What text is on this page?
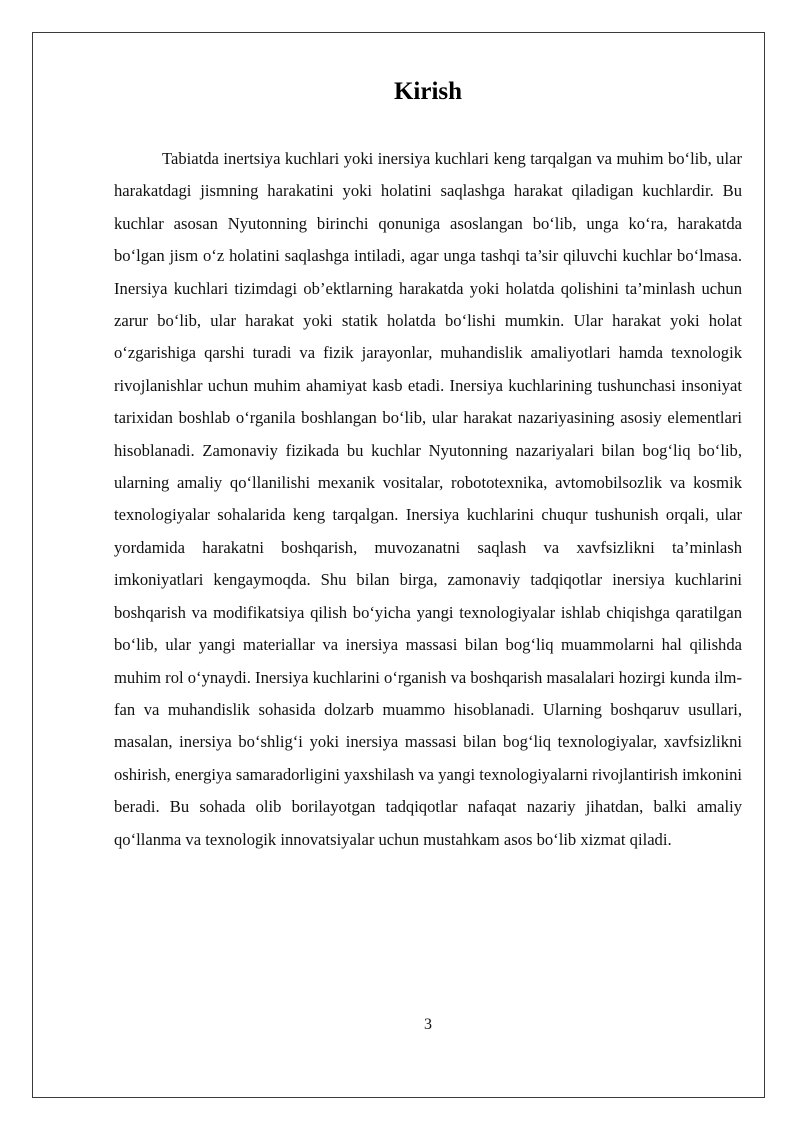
Kirish

Tabiatda inertsiya kuchlari yoki inersiya kuchlari keng tarqalgan va muhim bo‘lib, ular harakatdagi jismning harakatini yoki holatini saqlashga harakat qiladigan kuchlardir. Bu kuchlar asosan Nyutonning birinchi qonuniga asoslangan bo‘lib, unga ko‘ra, harakatda bo‘lgan jism o‘z holatini saqlashga intiladi, agar unga tashqi ta’sir qiluvchi kuchlar bo‘lmasa. Inersiya kuchlari tizimdagi ob’ektlarning harakatda yoki holatda qolishini ta’minlash uchun zarur bo‘lib, ular harakat yoki statik holatda bo‘lishi mumkin. Ular harakat yoki holat o‘zgarishiga qarshi turadi va fizik jarayonlar, muhandislik amaliyotlari hamda texnologik rivojlanishlar uchun muhim ahamiyat kasb etadi. Inersiya kuchlarining tushunchasi insoniyat tarixidan boshlab o‘rganila boshlangan bo‘lib, ular harakat nazariyasining asosiy elementlari hisoblanadi. Zamonaviy fizikada bu kuchlar Nyutonning nazariyalari bilan bog‘liq bo‘lib, ularning amaliy qo‘llanilishi mexanik vositalar, robototexnika, avtomobilsozlik va kosmik texnologiyalar sohalarida keng tarqalgan. Inersiya kuchlarini chuqur tushunish orqali, ular yordamida harakatni boshqarish, muvozanatni saqlash va xavfsizlikni ta’minlash imkoniyatlari kengaymoqda. Shu bilan birga, zamonaviy tadqiqotlar inersiya kuchlarini boshqarish va modifikatsiya qilish bo‘yicha yangi texnologiyalar ishlab chiqishga qaratilgan bo‘lib, ular yangi materiallar va inersiya massasi bilan bog‘liq muammolarni hal qilishda muhim rol o‘ynaydi. Inersiya kuchlarini o‘rganish va boshqarish masalalari hozirgi kunda ilm-fan va muhandislik sohasida dolzarb muammo hisoblanadi. Ularning boshqaruv usullari, masalan, inersiya bo‘shlig‘i yoki inersiya massasi bilan bog‘liq texnologiyalar, xavfsizlikni oshirish, energiya samaradorligini yaxshilash va yangi texnologiyalarni rivojlantirish imkonini beradi. Bu sohada olib borilayotgan tadqiqotlar nafaqat nazariy jihatdan, balki amaliy qo‘llanma va texnologik innovatsiyalar uchun mustahkam asos bo‘lib xizmat qiladi.

3
